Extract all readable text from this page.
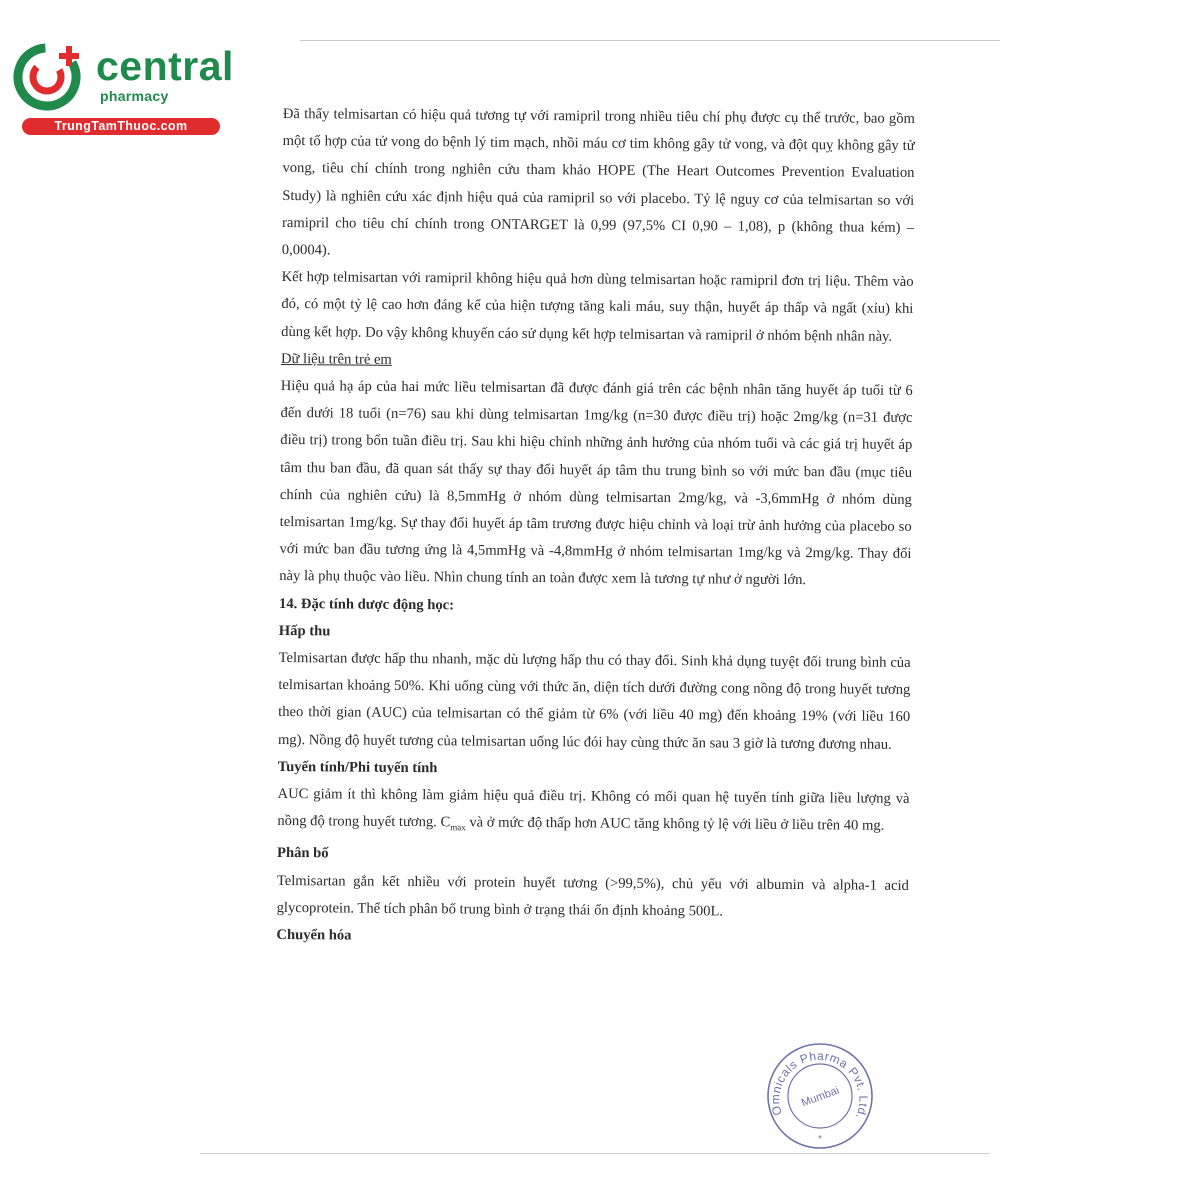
central
pharmacy
TrungTamThuoc.com	Đã thấy telmisartan có hiệu quả tương tự với ramipril trong nhiều tiêu chí phụ được cụ thể trước, bao gồm một tổ hợp của tử vong do bệnh lý tim mạch, nhồi máu cơ tim không gây tử vong, và đột quỵ không gây tử vong, tiêu chí chính trong nghiên cứu tham khảo HOPE (The Heart Outcomes Prevention Evaluation Study) là nghiên cứu xác định hiệu quả của ramipril so với placebo. Tỷ lệ nguy cơ của telmisartan so với ramipril cho tiêu chí chính trong ONTARGET là 0,99 (97,5% CI 0,90 – 1,08), p (không thua kém) – 0,0004).

Kết hợp telmisartan với ramipril không hiệu quả hơn dùng telmisartan hoặc ramipril đơn trị liệu. Thêm vào đó, có một tỷ lệ cao hơn đáng kể của hiện tượng tăng kali máu, suy thận, huyết áp thấp và ngất (xỉu) khi dùng kết hợp. Do vậy không khuyến cáo sử dụng kết hợp telmisartan và ramipril ở nhóm bệnh nhân này.

Dữ liệu trên trẻ em

Hiệu quả hạ áp của hai mức liều telmisartan đã được đánh giá trên các bệnh nhân tăng huyết áp tuổi từ 6 đến dưới 18 tuổi (n=76) sau khi dùng telmisartan 1mg/kg (n=30 được điều trị) hoặc 2mg/kg (n=31 được điều trị) trong bốn tuần điều trị. Sau khi hiệu chỉnh những ảnh hưởng của nhóm tuổi và các giá trị huyết áp tâm thu ban đầu, đã quan sát thấy sự thay đổi huyết áp tâm thu trung bình so với mức ban đầu (mục tiêu chính của nghiên cứu) là 8,5mmHg ở nhóm dùng telmisartan 2mg/kg, và -3,6mmHg ở nhóm dùng telmisartan 1mg/kg. Sự thay đổi huyết áp tâm trương được hiệu chỉnh và loại trừ ảnh hưởng của placebo so với mức ban đầu tương ứng là 4,5mmHg và -4,8mmHg ở nhóm telmisartan 1mg/kg và 2mg/kg. Thay đổi này là phụ thuộc vào liều. Nhìn chung tính an toàn được xem là tương tự như ở người lớn.

14. Đặc tính dược động học:

Hấp thu

Telmisartan được hấp thu nhanh, mặc dù lượng hấp thu có thay đổi. Sinh khả dụng tuyệt đối trung bình của telmisartan khoảng 50%. Khi uống cùng với thức ăn, diện tích dưới đường cong nồng độ trong huyết tương theo thời gian (AUC) của telmisartan có thể giảm từ 6% (với liều 40 mg) đến khoảng 19% (với liều 160 mg). Nồng độ huyết tương của telmisartan uống lúc đói hay cùng thức ăn sau 3 giờ là tương đương nhau.

Tuyến tính/Phi tuyến tính

AUC giảm ít thì không làm giảm hiệu quả điều trị. Không có mối quan hệ tuyến tính giữa liều lượng và nồng độ trong huyết tương. $C_{max}$ và ở mức độ thấp hơn AUC tăng không tỷ lệ với liều ở liều trên 40 mg.

Phân bố

Telmisartan gắn kết nhiều với protein huyết tương (>99,5%), chủ yếu với albumin và alpha-1 acid glycoprotein. Thể tích phân bố trung bình ở trạng thái ổn định khoảng 500L.

Chuyển hóa

Omnicals Pharma Pvt. Ltd.
Mumbai
*
